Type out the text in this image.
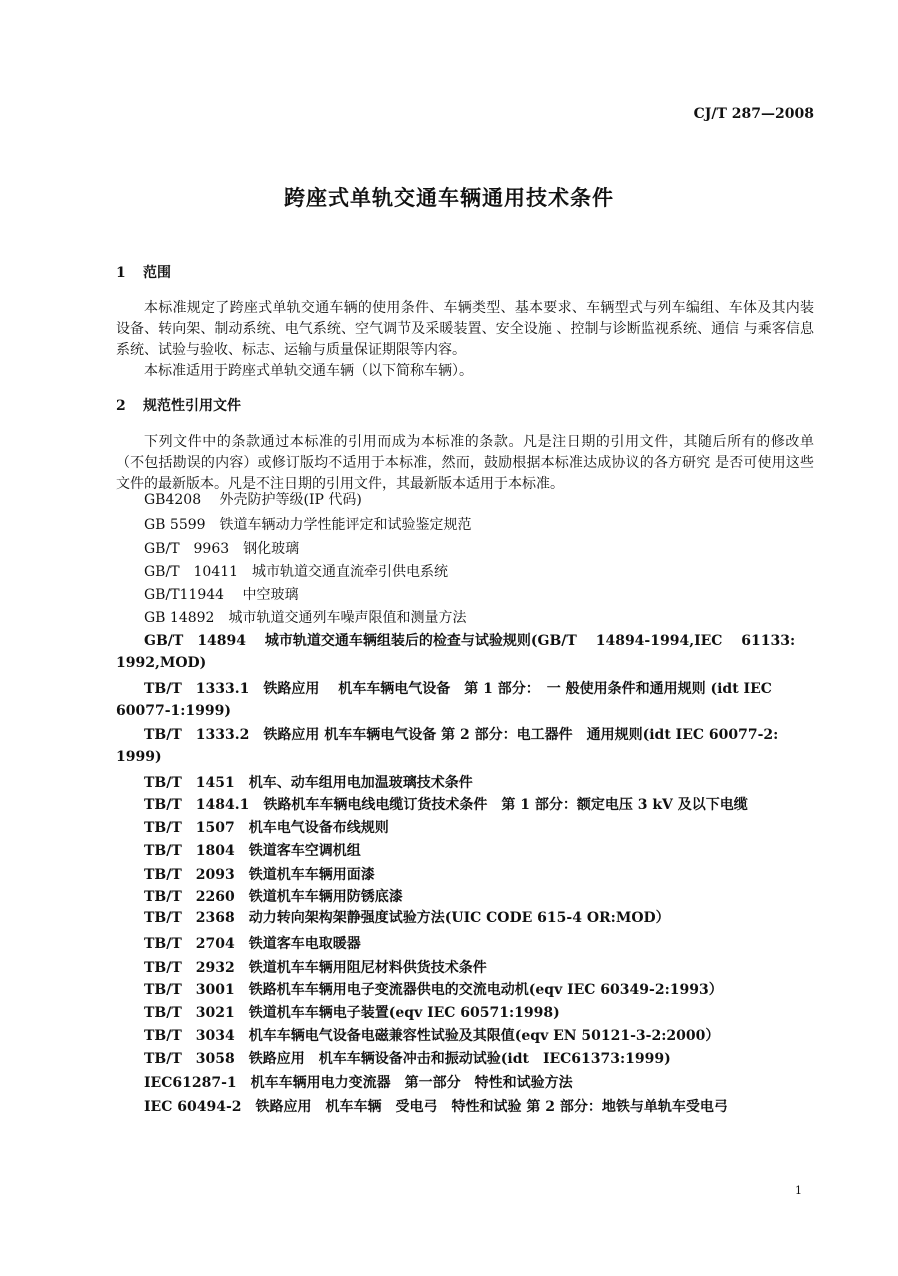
CJ/T 287—2008
跨座式单轨交通车辆通用技术条件
1 范围
本标准规定了跨座式单轨交通车辆的使用条件、车辆类型、基本要求、车辆型式与列车编组、车体及其内装设备、转向架、制动系统、电气系统、空气调节及采暖装置、安全设施 、控制与诊断监视系统、通信 与乘客信息系统、试验与验收、标志、运输与质量保证期限等内容。
本标准适用于跨座式单轨交通车辆（以下简称车辆）。
2 规范性引用文件
下列文件中的条款通过本标准的引用而成为本标准的条款。凡是注日期的引用文件，其随后所有的修改单（不包括勘误的内容）或修订版均不适用于本标准，然而，鼓励根据本标准达成协议的各方研究 是否可使用这些文件的最新版本。凡是不注日期的引用文件，其最新版本适用于本标准。
GB4208　 外壳防护等级(IP 代码)
GB 5599　铁道车辆动力学性能评定和试验鉴定规范
GB/T　9963　钢化玻璃
GB/T　10411　城市轨道交通直流牵引供电系统
GB/T11944　 中空玻璃
GB 14892　城市轨道交通列车噪声限值和测量方法
GB/T　14894　 城市轨道交通车辆组装后的检查与试验规则(GB/T　 14894-1994,IEC　 61133: 1992,MOD)
TB/T　1333.1　铁路应用　 机车车辆电气设备　第 1 部分：　一 般使用条件和通用规则 (idt IEC 60077-1:1999)
TB/T　1333.2　铁路应用 机车车辆电气设备 第 2 部分：电工器件　通用规则(idt IEC 60077-2: 1999)
TB/T　1451　机车、动车组用电加温玻璃技术条件
TB/T　1484.1　铁路机车车辆电线电缆订货技术条件　第 1 部分：额定电压 3 kV 及以下电缆
TB/T　1507　机车电气设备布线规则
TB/T　1804　铁道客车空调机组
TB/T　2093　铁道机车车辆用面漆
TB/T　2260　铁道机车车辆用防锈底漆
TB/T　2368　动力转向架构架静强度试验方法(UIC CODE 615-4 OR:MOD）
TB/T　2704　铁道客车电取暖器
TB/T　2932　铁道机车车辆用阻尼材料供货技术条件
TB/T　3001　铁路机车车辆用电子变流器供电的交流电动机(eqv IEC 60349-2:1993）
TB/T　3021　铁道机车车辆电子装置(eqv IEC 60571:1998)
TB/T　3034　机车车辆电气设备电磁兼容性试验及其限值(eqv EN 50121-3-2:2000）
TB/T　3058　铁路应用　机车车辆设备冲击和振动试验(idt　IEC61373:1999)
IEC61287-1　机车车辆用电力变流器　第一部分　特性和试验方法
IEC 60494-2　铁路应用　机车车辆　受电弓　特性和试验 第 2 部分：地铁与单轨车受电弓
1
